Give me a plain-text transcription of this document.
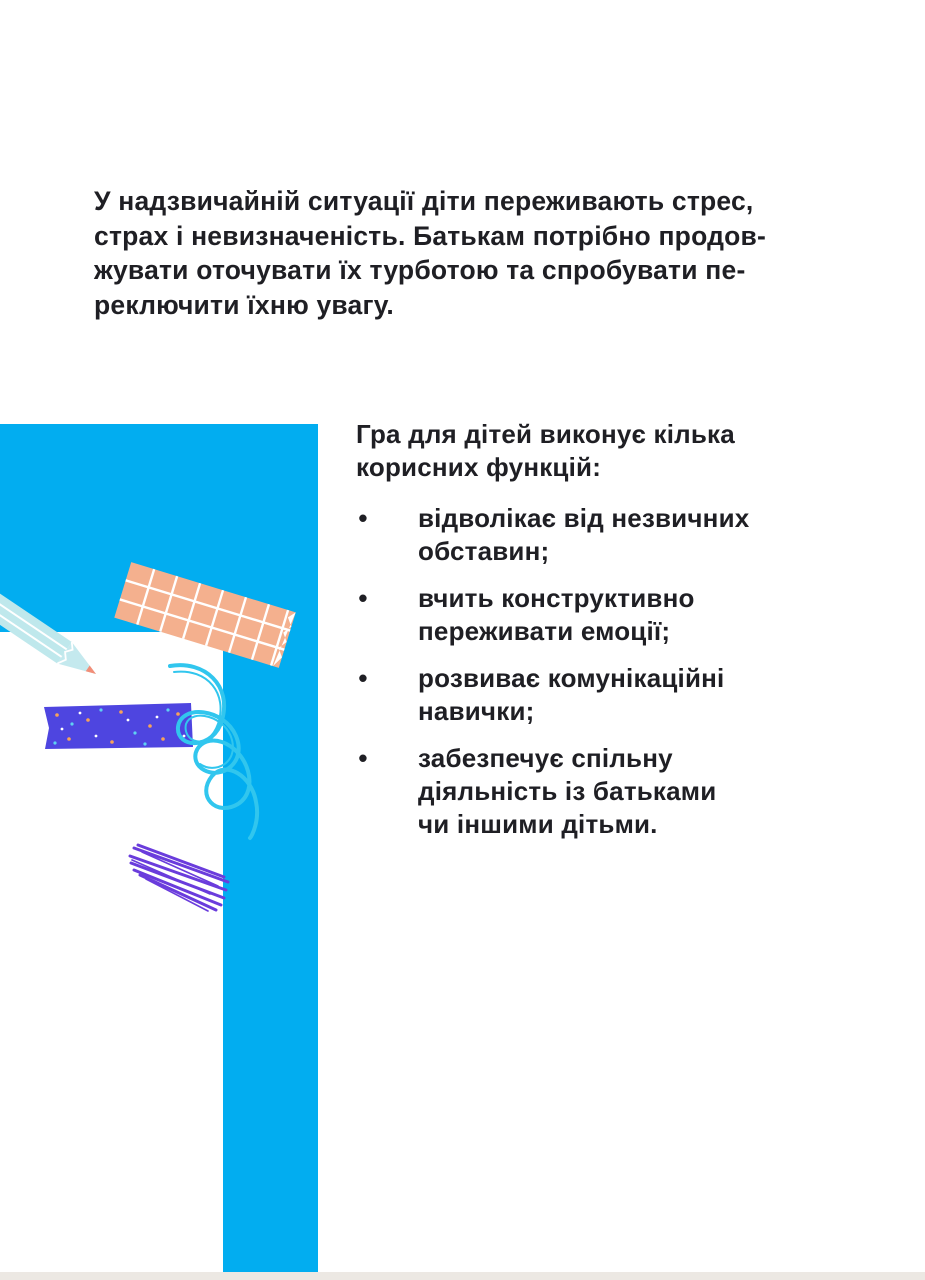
У надзвичайній ситуації діти переживають стрес,
страх і невизначеність. Батькам потрібно продов-
жувати оточувати їх турботою та спробувати пе-
реключити їхню увагу.

Гра для дітей виконує кілька
корисних функцій:
• відволікає від незвичних
обставин;
• вчить конструктивно
переживати емоції;
• розвиває комунікаційні
навички;
• забезпечує спільну
діяльність із батьками
чи іншими дітьми.
